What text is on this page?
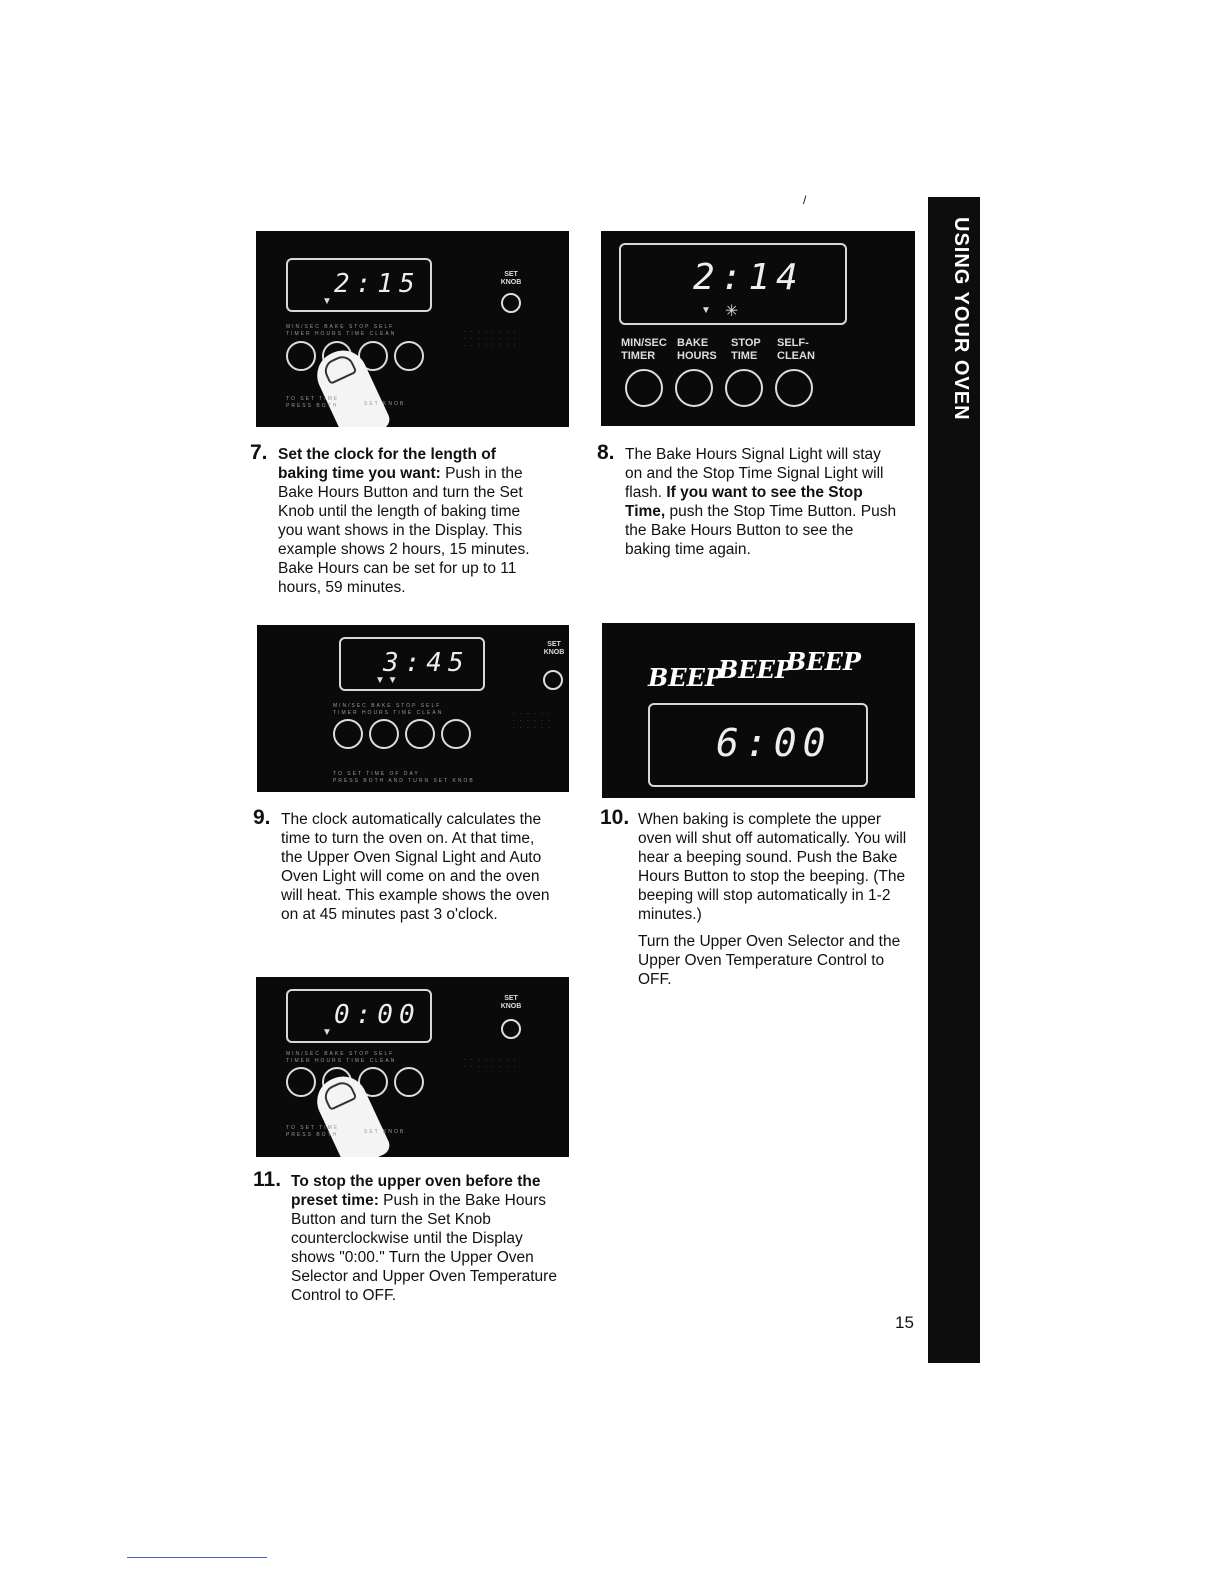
/
2:15
▼
SET KNOB
MIN/SEC BAKE STOP SELF
TIMER HOURS TIME CLEAN	· · · · · · · ·
· · · · · · · ·
· · · · · · · ·
TO SET TIME
PRESS BOTH	SET KNOB
7. Set the clock for the length of baking time you want: Push in the Bake Hours Button and turn the Set Knob until the length of baking time you want shows in the Display. This example shows 2 hours, 15 minutes. Bake Hours can be set for up to 11 hours, 59 minutes.

2:14
▼ ✳
MIN/SEC TIMER
BAKE HOURS
STOP TIME
SELF-CLEAN
8. The Bake Hours Signal Light will stay on and the Stop Time Signal Light will flash. If you want to see the Stop Time, push the Stop Time Button. Push the Bake Hours Button to see the baking time again.

3:45
▼ ▼
SET KNOB
MIN/SEC BAKE STOP SELF
TIMER HOURS TIME CLEAN	· · · · · ·
· · · · · ·
· · · · · ·
TO SET TIME OF DAY
PRESS BOTH AND TURN SET KNOB
9. The clock automatically calculates the time to turn the oven on. At that time, the Upper Oven Signal Light and Auto Oven Light will come on and the oven will heat. This example shows the oven on at 45 minutes past 3 o'clock.

BEEP
BEEP
BEEP
6:00
10. When baking is complete the upper oven will shut off automatically. You will hear a beeping sound. Push the Bake Hours Button to stop the beeping. (The beeping will stop automatically in 1-2 minutes.)

Turn the Upper Oven Selector and the Upper Oven Temperature Control to OFF.

0:00
▼
SET KNOB
MIN/SEC BAKE STOP SELF
TIMER HOURS TIME CLEAN	· · · · · · · ·
· · · · · · · ·
TO SET TIME
PRESS BOTH	SET KNOB
11. To stop the upper oven before the preset time: Push in the Bake Hours Button and turn the Set Knob counterclockwise until the Display shows "0:00." Turn the Upper Oven Selector and Upper Oven Temperature Control to OFF.

USING YOUR OVEN
15
